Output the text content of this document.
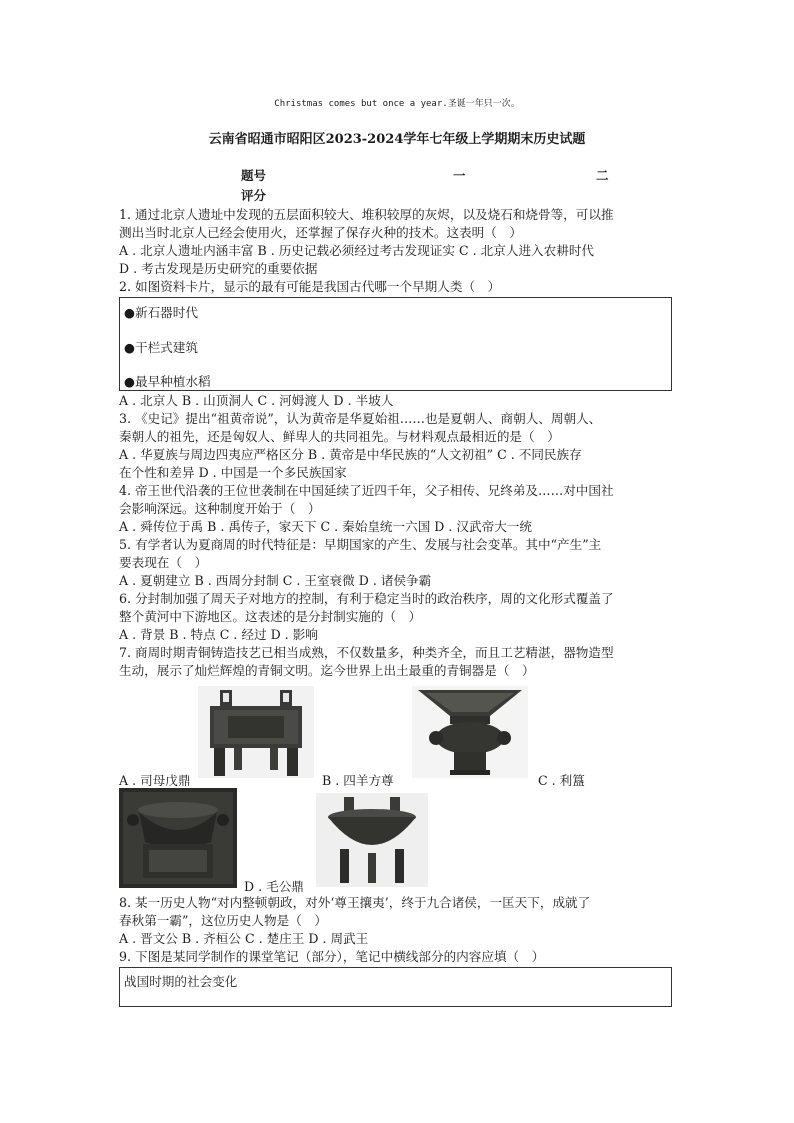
Christmas comes but once a year.圣诞一年只一次。
云南省昭通市昭阳区2023-2024学年七年级上学期期末历史试题
题号	一	二
评分
1. 通过北京人遗址中发现的五层面积较大、堆积较厚的灰烬，以及烧石和烧骨等，可以推
测出当时北京人已经会使用火，还掌握了保存火种的技术。这表明（　）
A . 北京人遗址内涵丰富 B . 历史记载必须经过考古发现证实 C . 北京人进入农耕时代
D . 考古发现是历史研究的重要依据
2. 如图资料卡片，显示的最有可能是我国古代哪一个早期人类（　）
●新石器时代
●干栏式建筑
●最早种植水稻
A . 北京人 B . 山顶洞人 C . 河姆渡人 D . 半坡人
3. 《史记》提出“祖黄帝说”，认为黄帝是华夏始祖……也是夏朝人、商朝人、周朝人、
秦朝人的祖先，还是匈奴人、鲜卑人的共同祖先。与材料观点最相近的是（　）
A . 华夏族与周边四夷应严格区分 B . 黄帝是中华民族的“人文初祖” C . 不同民族存
在个性和差异 D . 中国是一个多民族国家
4. 帝王世代沿袭的王位世袭制在中国延续了近四千年，父子相传、兄终弟及……对中国社
会影响深远。这种制度开始于（　）
A . 舜传位于禹 B . 禹传子，家天下 C . 秦始皇统一六国 D . 汉武帝大一统
5. 有学者认为夏商周的时代特征是：早期国家的产生、发展与社会变革。其中“产生”主
要表现在（　）
A . 夏朝建立 B . 西周分封制 C . 王室衰微 D . 诸侯争霸
6. 分封制加强了周天子对地方的控制，有利于稳定当时的政治秩序，周的文化形式覆盖了
整个黄河中下游地区。这表述的是分封制实施的（　）
A . 背景 B . 特点 C . 经过 D . 影响
7. 商周时期青铜铸造技艺已相当成熟，不仅数量多，种类齐全，而且工艺精湛，器物造型
生动，展示了灿烂辉煌的青铜文明。迄今世界上出土最重的青铜器是（　）
A . 司母戊鼎	B . 四羊方尊	C . 利簋
D . 毛公鼎
8. 某一历史人物“对内整顿朝政，对外‘尊王攘夷’，终于九合诸侯，一匡天下，成就了
春秋第一霸”，这位历史人物是（　）
A . 晋文公 B . 齐桓公 C . 楚庄王 D . 周武王
9. 下图是某同学制作的课堂笔记（部分），笔记中横线部分的内容应填（　）
战国时期的社会变化
